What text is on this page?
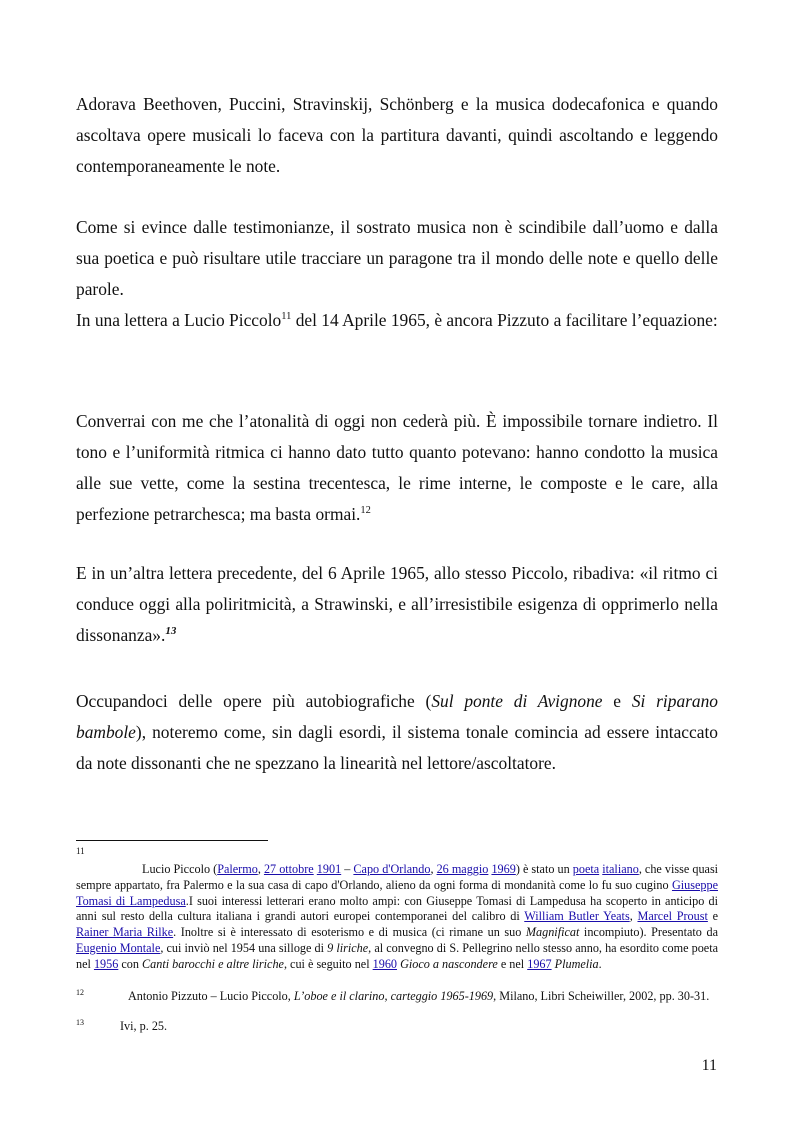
Adorava Beethoven, Puccini, Stravinskij, Schönberg e la musica dodecafonica e quando ascoltava opere musicali lo faceva con la partitura davanti, quindi ascoltando e leggendo contemporaneamente le note.

Come si evince dalle testimonianze, il sostrato musica non è scindibile dall’uomo e dalla sua poetica e può risultare utile tracciare un paragone tra il mondo delle note e quello delle parole.
In una lettera a Lucio Piccolo$^{11}$ del 14 Aprile 1965, è ancora Pizzuto a facilitare l’equazione:

Converrai con me che l’atonalità di oggi non cederà più. È impossibile tornare indietro. Il tono e l’uniformità ritmica ci hanno dato tutto quanto potevano: hanno condotto la musica alle sue vette, come la sestina trecentesca, le rime interne, le composte e le care, alla perfezione petrarchesca; ma basta ormai.$^{12}$

E in un’altra lettera precedente, del 6 Aprile 1965, allo stesso Piccolo, ribadiva: «il ritmo ci conduce oggi alla poliritmicità, a Strawinski, e all’irresistibile esigenza di opprimerlo nella dissonanza».$^{13}$

Occupandoci delle opere più autobiografiche (Sul ponte di Avignone e Si riparano bambole), noteremo come, sin dagli esordi, il sistema tonale comincia ad essere intaccato da note dissonanti che ne spezzano la linearità nel lettore/ascoltatore.

11

Lucio Piccolo (Palermo, 27 ottobre 1901 – Capo d'Orlando, 26 maggio 1969) è stato un poeta italiano, che visse quasi sempre appartato, fra Palermo e la sua casa di capo d'Orlando, alieno da ogni forma di mondanità come lo fu suo cugino Giuseppe Tomasi di Lampedusa.I suoi interessi letterari erano molto ampi: con Giuseppe Tomasi di Lampedusa ha scoperto in anticipo di anni sul resto della cultura italiana i grandi autori europei contemporanei del calibro di William Butler Yeats, Marcel Proust e Rainer Maria Rilke. Inoltre si è interessato di esoterismo e di musica (ci rimane un suo Magnificat incompiuto). Presentato da Eugenio Montale, cui inviò nel 1954 una silloge di 9 liriche, al convegno di S. Pellegrino nello stesso anno, ha esordito come poeta nel 1956 con Canti barocchi e altre liriche, cui è seguito nel 1960 Gioco a nascondere e nel 1967 Plumelia.

$^{12}$	Antonio Pizzuto – Lucio Piccolo, L’oboe e il clarino, carteggio 1965-1969, Milano, Libri Scheiwiller, 2002, pp. 30-31.

$^{13}$	Ivi, p. 25.

11
